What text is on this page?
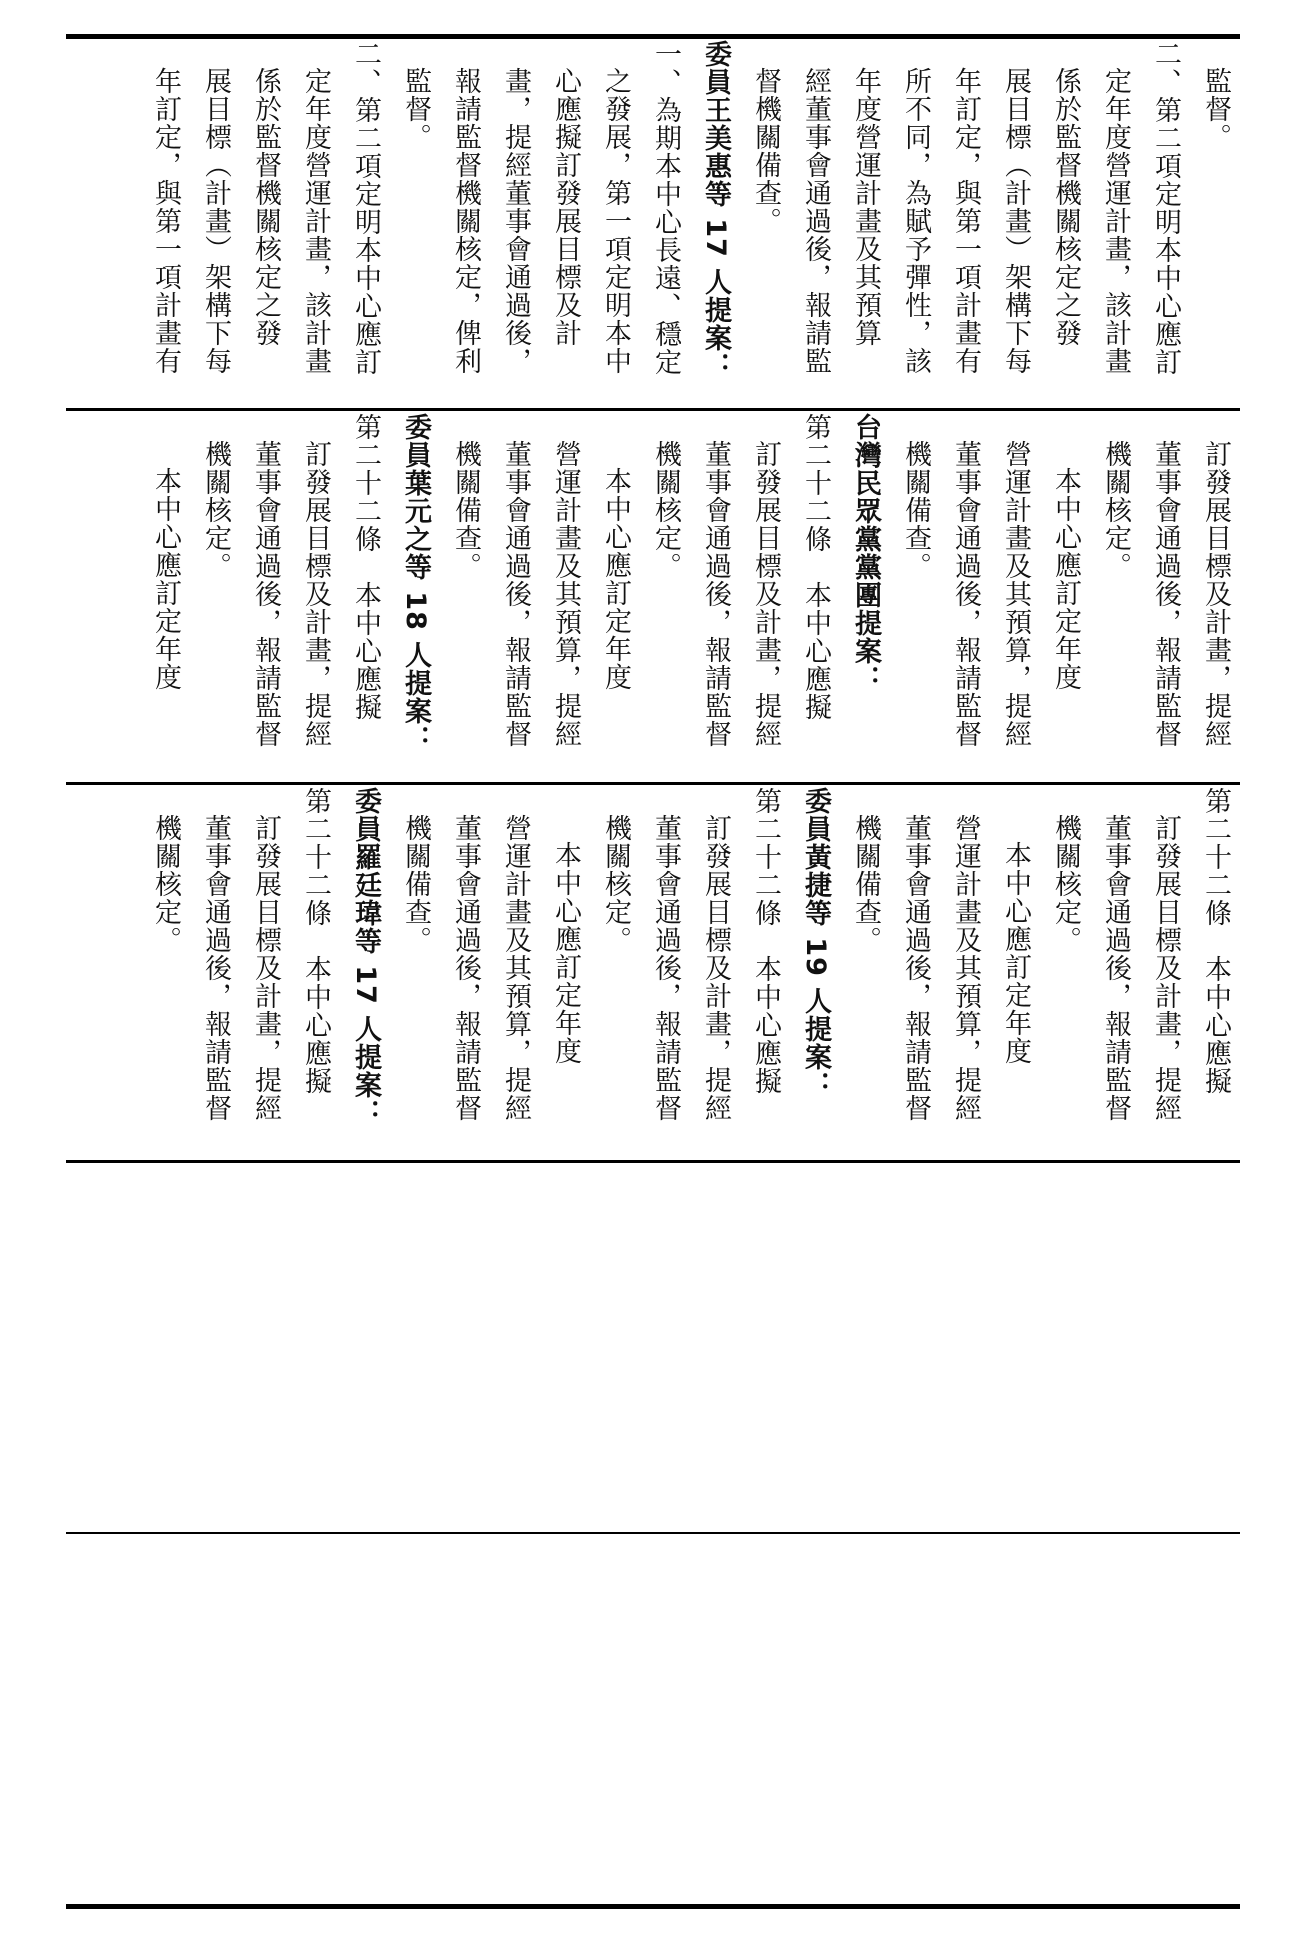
監督。
二、第二項定明本中心應訂
定年度營運計畫，該計畫
係於監督機關核定之發
展目標（計畫）架構下每
年訂定，與第一項計畫有
所不同，為賦予彈性，該
年度營運計畫及其預算
經董事會通過後，報請監
督機關備查。
委員王美惠等 17 人提案：
一、為期本中心長遠、穩定
之發展，第一項定明本中
心應擬訂發展目標及計
畫，提經董事會通過後，
報請監督機關核定，俾利
監督。
二、第二項定明本中心應訂
定年度營運計畫，該計畫
係於監督機關核定之發
展目標（計畫）架構下每
年訂定，與第一項計畫有
訂發展目標及計畫，提經
董事會通過後，報請監督
機關核定。
本中心應訂定年度
營運計畫及其預算，提經
董事會通過後，報請監督
機關備查。
台灣民眾黨黨團提案：
第二十二條　本中心應擬
訂發展目標及計畫，提經
董事會通過後，報請監督
機關核定。
本中心應訂定年度
營運計畫及其預算，提經
董事會通過後，報請監督
機關備查。
委員葉元之等 18 人提案：
第二十二條　本中心應擬
訂發展目標及計畫，提經
董事會通過後，報請監督
機關核定。
本中心應訂定年度
第二十二條　本中心應擬
訂發展目標及計畫，提經
董事會通過後，報請監督
機關核定。
本中心應訂定年度
營運計畫及其預算，提經
董事會通過後，報請監督
機關備查。
委員黃捷等 19 人提案：
第二十二條　本中心應擬
訂發展目標及計畫，提經
董事會通過後，報請監督
機關核定。
本中心應訂定年度
營運計畫及其預算，提經
董事會通過後，報請監督
機關備查。
委員羅廷瑋等 17 人提案：
第二十二條　本中心應擬
訂發展目標及計畫，提經
董事會通過後，報請監督
機關核定。
